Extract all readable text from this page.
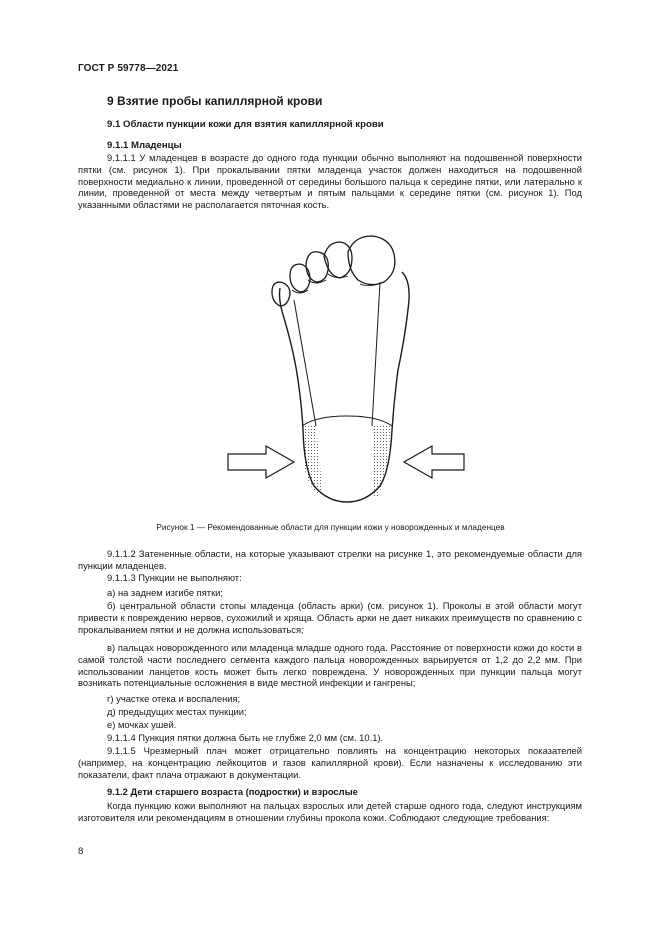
ГОСТ Р 59778—2021
9 Взятие пробы капиллярной крови
9.1 Области пункции кожи для взятия капиллярной крови
9.1.1 Младенцы
9.1.1.1 У младенцев в возрасте до одного года пункции обычно выполняют на подошвенной поверхности пятки (см. рисунок 1). При прокалывании пятки младенца участок должен находиться на подошвенной поверхности медиально к линии, проведенной от середины большого пальца к середине пятки, или латерально к линии, проведенной от места между четвертым и пятым пальцами к середине пятки (см. рисунок 1). Под указанными областями не располагается пяточная кость.
Рисунок 1 — Рекомендованные области для пункции кожи у новорожденных и младенцев
9.1.1.2 Затененные области, на которые указывают стрелки на рисунке 1, это рекомендуемые области для пункции младенцев.
9.1.1.3 Пункции не выполняют:
а) на заднем изгибе пятки;
б) центральной области стопы младенца (область арки) (см. рисунок 1). Проколы в этой области могут привести к повреждению нервов, сухожилий и хряща. Область арки не дает никаких преимуществ по сравнению с прокалыванием пятки и не должна использоваться;
в) пальцах новорожденного или младенца младше одного года. Расстояние от поверхности кожи до кости в самой толстой части последнего сегмента каждого пальца новорожденных варьируется от 1,2 до 2,2 мм. При использовании ланцетов кость может быть легко повреждена. У новорожденных при пункции пальца могут возникать потенциальные осложнения в виде местной инфекции и гангрены;
г) участке отека и воспаления;
д) предыдущих местах пункции;
е) мочках ушей.
9.1.1.4 Пункция пятки должна быть не глубже 2,0 мм (см. 10.1).
9.1.1.5 Чрезмерный плач может отрицательно повлиять на концентрацию некоторых показателей (например, на концентрацию лейкоцитов и газов капиллярной крови). Если назначены к исследованию эти показатели, факт плача отражают в документации.
9.1.2 Дети старшего возраста (подростки) и взрослые
Когда пункцию кожи выполняют на пальцах взрослых или детей старше одного года, следуют инструкциям изготовителя или рекомендациям в отношении глубины прокола кожи. Соблюдают следующие требования:
8
